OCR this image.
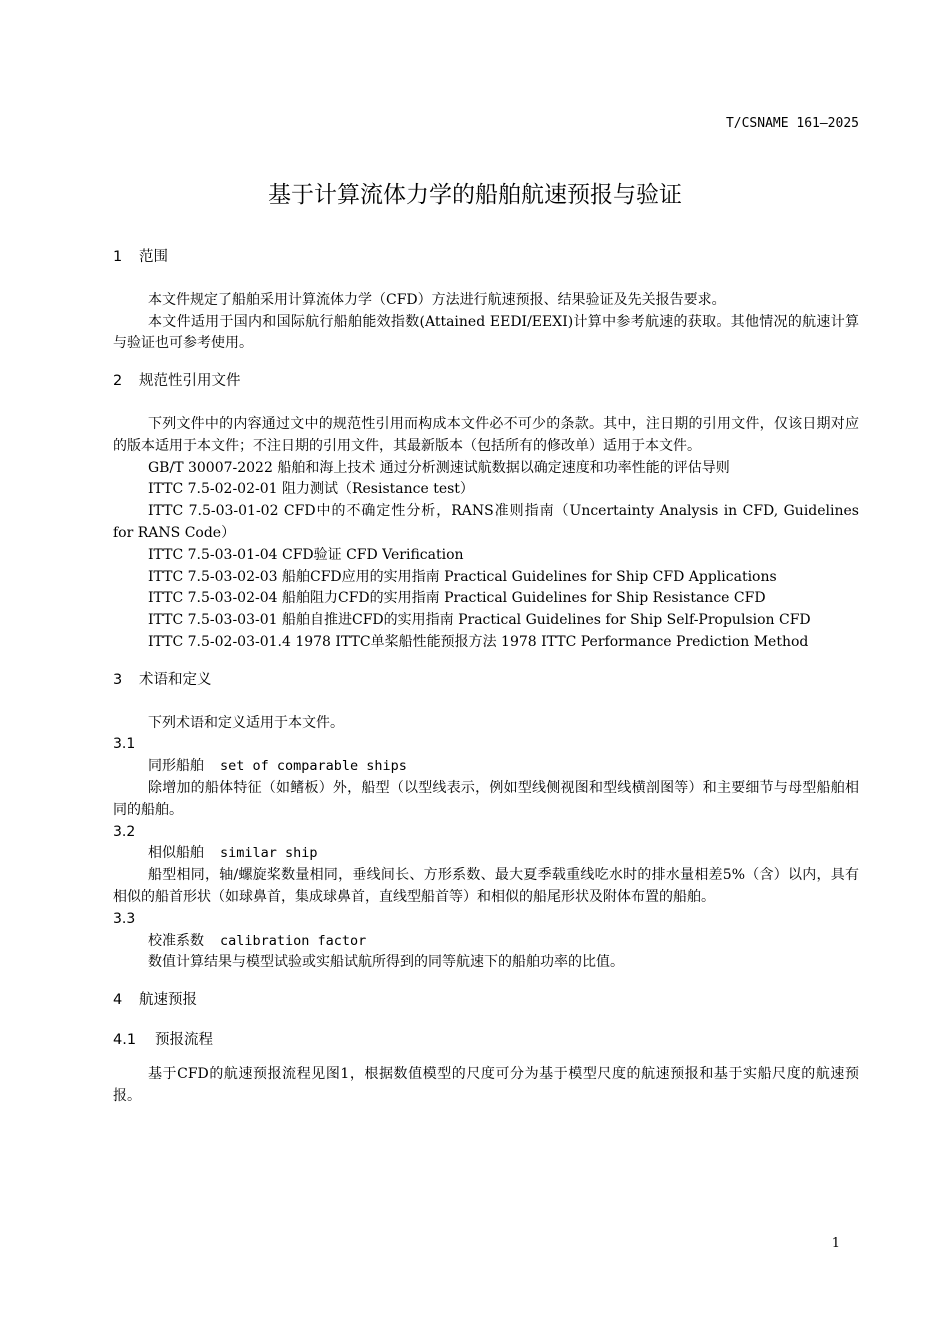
T/CSNAME 161—2025
基于计算流体力学的船舶航速预报与验证

1 范围

本文件规定了船舶采用计算流体力学（CFD）方法进行航速预报、结果验证及先关报告要求。

本文件适用于国内和国际航行船舶能效指数(Attained EEDI/EEXI)计算中参考航速的获取。其他情况的航速计算与验证也可参考使用。

2 规范性引用文件

下列文件中的内容通过文中的规范性引用而构成本文件必不可少的条款。其中，注日期的引用文件，仅该日期对应的版本适用于本文件；不注日期的引用文件，其最新版本（包括所有的修改单）适用于本文件。

GB/T 30007-2022 船舶和海上技术 通过分析测速试航数据以确定速度和功率性能的评估导则

ITTC 7.5-02-02-01 阻力测试（Resistance test）

ITTC 7.5-03-01-02 CFD中的不确定性分析，RANS准则指南（Uncertainty Analysis in CFD, Guidelines for RANS Code）

ITTC 7.5-03-01-04 CFD验证 CFD Verification

ITTC 7.5-03-02-03 船舶CFD应用的实用指南 Practical Guidelines for Ship CFD Applications

ITTC 7.5-03-02-04 船舶阻力CFD的实用指南 Practical Guidelines for Ship Resistance CFD

ITTC 7.5-03-03-01 船舶自推进CFD的实用指南 Practical Guidelines for Ship Self-Propulsion CFD

ITTC 7.5-02-03-01.4 1978 ITTC单桨船性能预报方法 1978 ITTC Performance Prediction Method

3 术语和定义

下列术语和定义适用于本文件。

3.1

同形船舶 set of comparable ships

除增加的船体特征（如鳍板）外，船型（以型线表示，例如型线侧视图和型线横剖图等）和主要细节与母型船舶相同的船舶。

3.2

相似船舶 similar ship

船型相同，轴/螺旋桨数量相同，垂线间长、方形系数、最大夏季载重线吃水时的排水量相差5%（含）以内，具有相似的船首形状（如球鼻首，集成球鼻首，直线型船首等）和相似的船尾形状及附体布置的船舶。

3.3

校准系数 calibration factor

数值计算结果与模型试验或实船试航所得到的同等航速下的船舶功率的比值。

4 航速预报

4.1 预报流程

基于CFD的航速预报流程见图1，根据数值模型的尺度可分为基于模型尺度的航速预报和基于实船尺度的航速预报。

1
